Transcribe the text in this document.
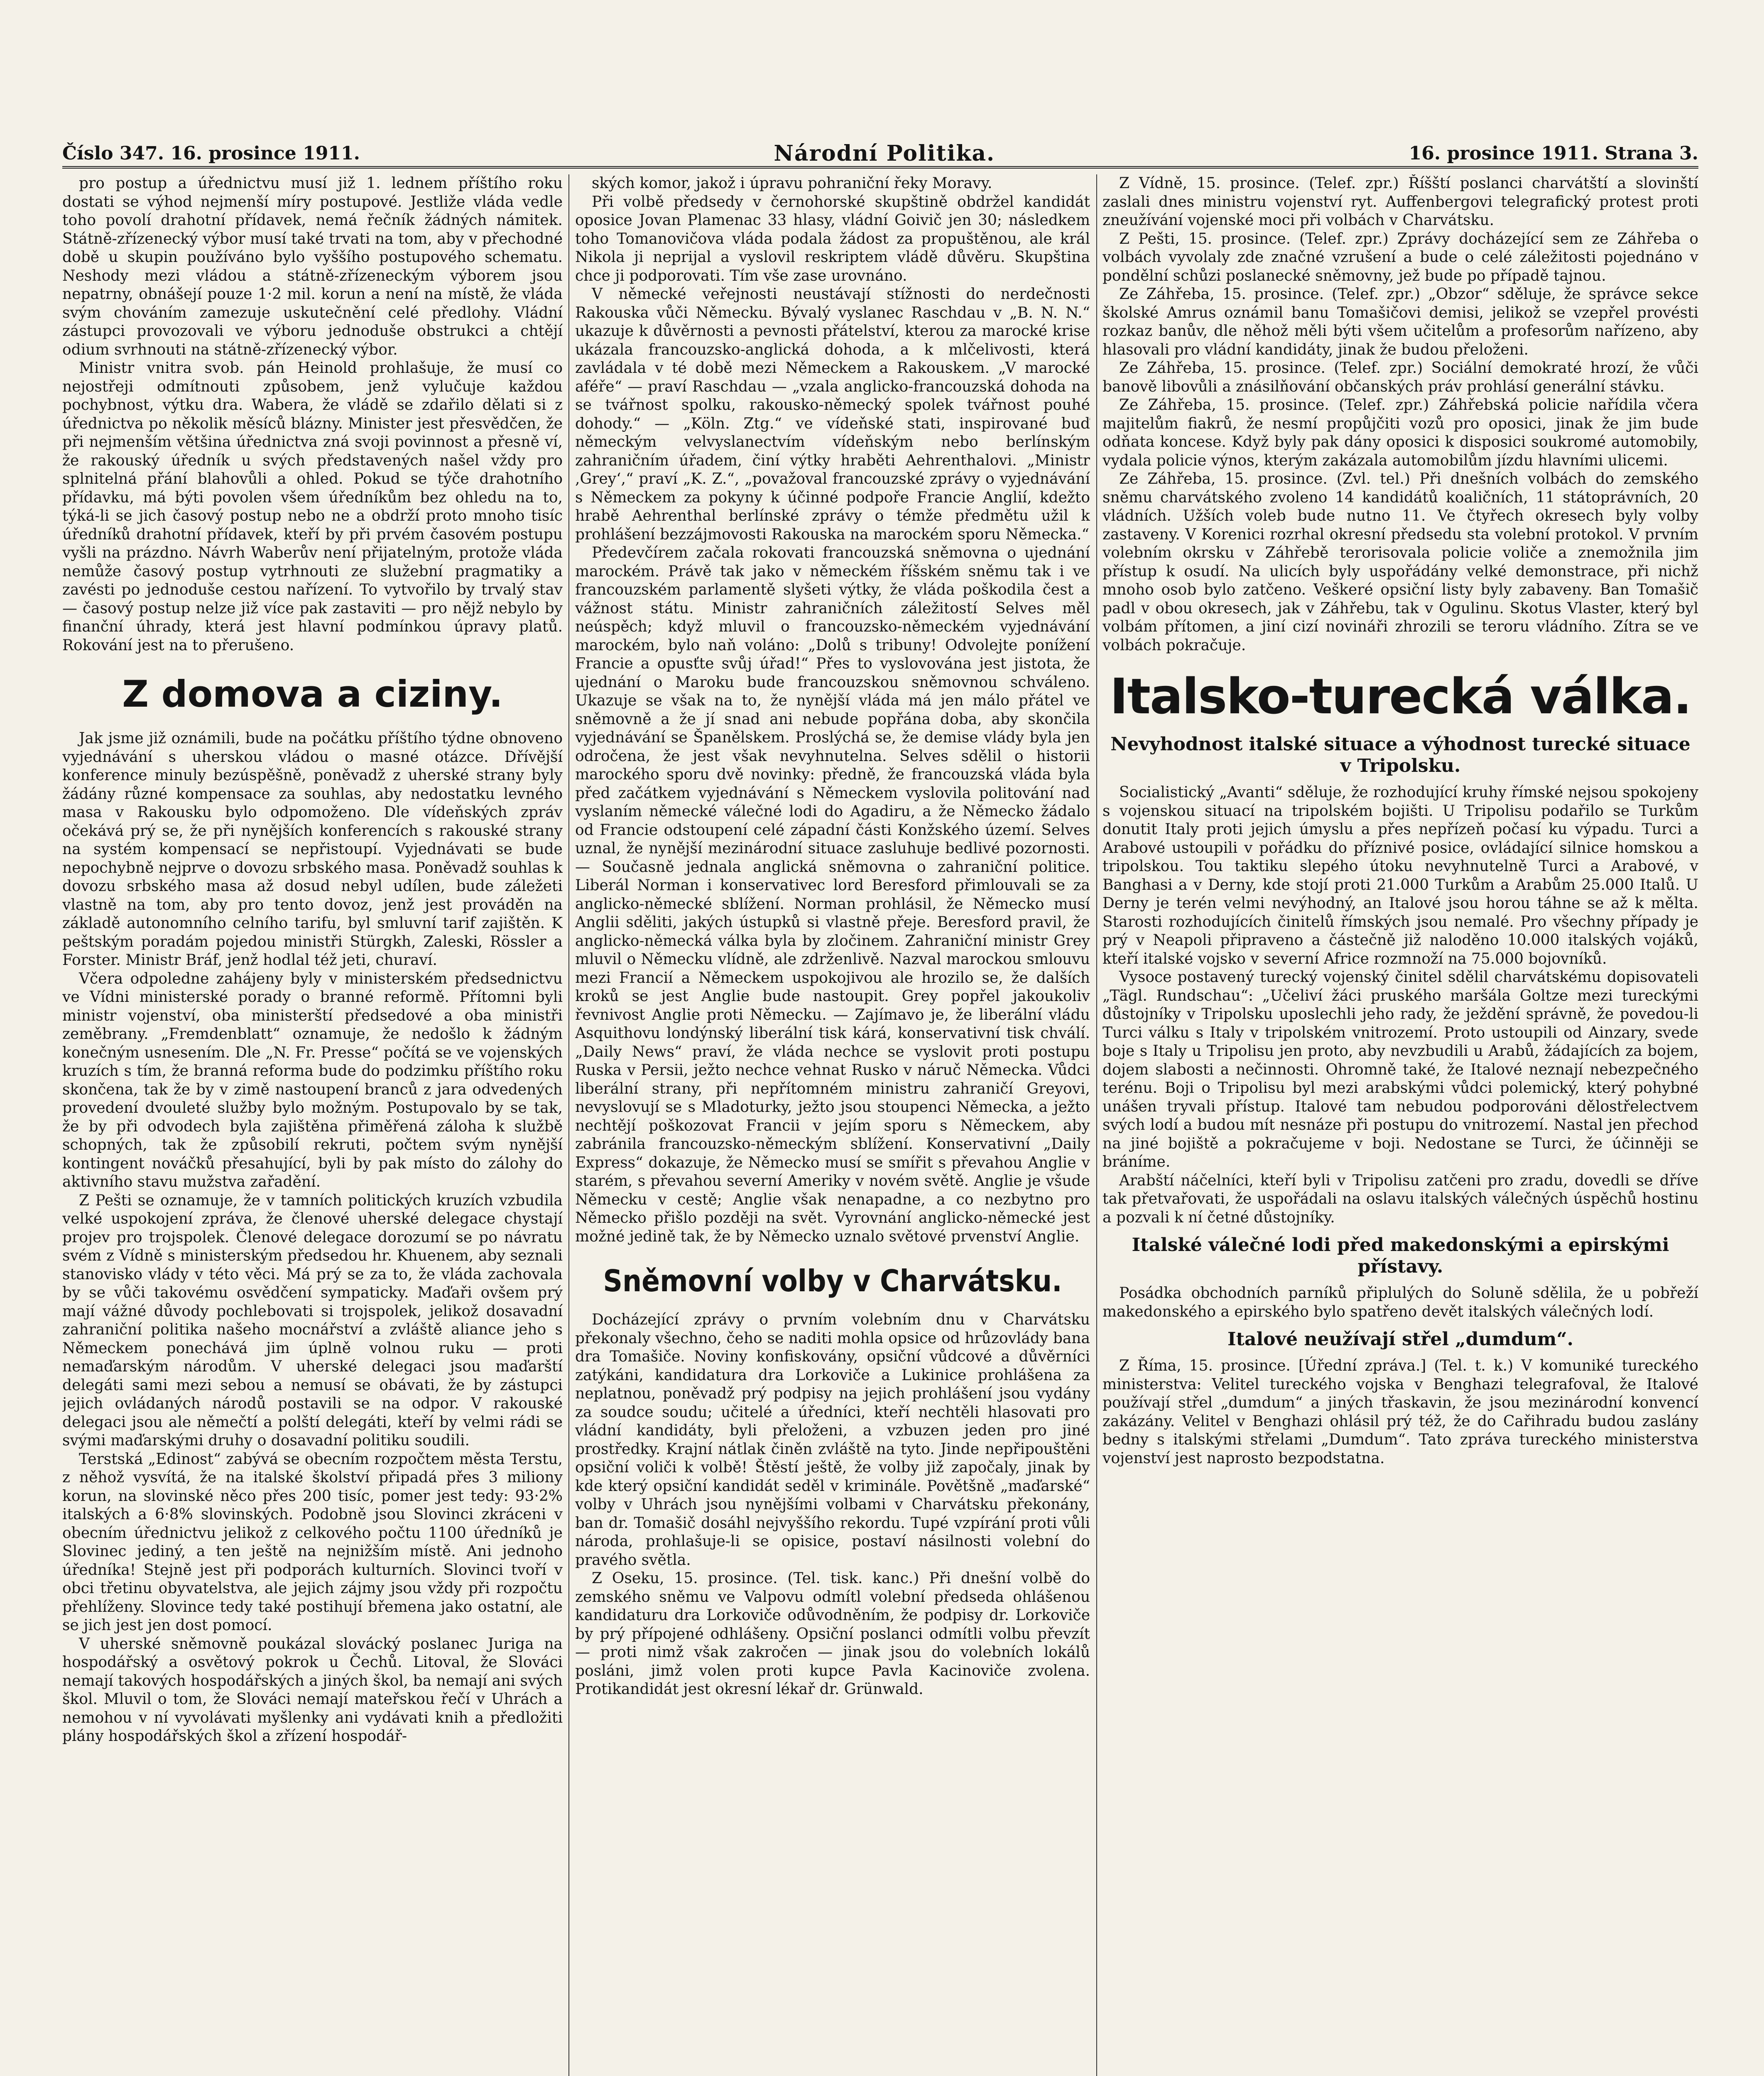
Číslo 347. 16. prosince 1911.	Národní Politika.	16. prosince 1911. Strana 3.

pro postup a úřednictvu musí již 1. lednem příštího roku dostati se výhod nejmenší míry postupové. Jestliže vláda vedle toho povolí drahotní přídavek, nemá řečník žádných námitek. Státně-zřízenecký výbor musí také trvati na tom, aby v přechodné době u skupin používáno bylo vyššího postupového schematu. Neshody mezi vládou a státně-zřízeneckým výborem jsou nepatrny, obnášejí pouze 1·2 mil. korun a není na místě, že vláda svým chováním zamezuje uskutečnění celé předlohy. Vládní zástupci provozovali ve výboru jednoduše obstrukci a chtějí odium svrhnouti na státně-zřízenecký výbor.

Ministr vnitra svob. pán Heinold prohlašuje, že musí co nejostřeji odmítnouti způsobem, jenž vylučuje každou pochybnost, výtku dra. Wabera, že vládě se zdařilo dělati si z úřednictva po několik měsíců blázny. Minister jest přesvědčen, že při nejmenším většina úřednictva zná svoji povinnost a přesně ví, že rakouský úředník u svých představených našel vždy pro splnitelná přání blahovůli a ohled. Pokud se týče drahotního přídavku, má býti povolen všem úředníkům bez ohledu na to, týká-li se jich časový postup nebo ne a obdrží proto mnoho tisíc úředníků drahotní přídavek, kteří by při prvém časovém postupu vyšli na prázdno. Návrh Waberův není přijatelným, protože vláda nemůže časový postup vytrhnouti ze služební pragmatiky a zavésti po jednoduše cestou nařízení. To vytvořilo by trvalý stav — časový postup nelze již více pak zastaviti — pro nějž nebylo by finanční úhrady, která jest hlavní podmínkou úpravy platů. Rokování jest na to přerušeno.

Z domova a ciziny.

Jak jsme již oznámili, bude na počátku příštího týdne obnoveno vyjednávání s uherskou vládou o masné otázce. Dřívější konference minuly bezúspěšně, poněvadž z uherské strany byly žádány různé kompensace za souhlas, aby nedostatku levného masa v Rakousku bylo odpomoženo. Dle vídeňských zpráv očekává prý se, že při nynějších konferencích s rakouské strany na systém kompensací se nepřistoupí. Vyjednávati se bude nepochybně nejprve o dovozu srbského masa. Poněvadž souhlas k dovozu srbského masa až dosud nebyl udílen, bude záležeti vlastně na tom, aby pro tento dovoz, jenž jest prováděn na základě autonomního celního tarifu, byl smluvní tarif zajištěn. K peštským poradám pojedou ministři Stürgkh, Zaleski, Rössler a Forster. Ministr Bráf, jenž hodlal též jeti, churaví.

Včera odpoledne zahájeny byly v ministerském předsednictvu ve Vídni ministerské porady o branné reformě. Přítomni byli ministr vojenství, oba ministerští předsedové a oba ministři zeměbrany. „Fremdenblatt“ oznamuje, že nedošlo k žádným konečným usnesením. Dle „N. Fr. Presse“ počítá se ve vojenských kruzích s tím, že branná reforma bude do podzimku příštího roku skončena, tak že by v zimě nastoupení branců z jara odvedených provedení dvouleté služby bylo možným. Postupovalo by se tak, že by při odvodech byla zajištěna přiměřená záloha k službě schopných, tak že způsobilí rekruti, počtem svým nynější kontingent nováčků přesahující, byli by pak místo do zálohy do aktivního stavu mužstva zařadění.

Z Pešti se oznamuje, že v tamních politických kruzích vzbudila velké uspokojení zpráva, že členové uherské delegace chystají projev pro trojspolek. Členové delegace dorozumí se po návratu svém z Vídně s ministerským předsedou hr. Khuenem, aby seznali stanovisko vlády v této věci. Má prý se za to, že vláda zachovala by se vůči takovému osvědčení sympaticky. Maďaři ovšem prý mají vážné důvody pochlebovati si trojspolek, jelikož dosavadní zahraniční politika našeho mocnářství a zvláště aliance jeho s Německem ponechává jim úplně volnou ruku — proti nemaďarským národům. V uherské delegaci jsou maďarští delegáti sami mezi sebou a nemusí se obávati, že by zástupci jejich ovládaných národů postavili se na odpor. V rakouské delegaci jsou ale němečtí a polští delegáti, kteří by velmi rádi se svými maďarskými druhy o dosavadní politiku soudili.

Terstská „Edinost“ zabývá se obecním rozpočtem města Terstu, z něhož vysvítá, že na italské školství připadá přes 3 miliony korun, na slovinské něco přes 200 tisíc, pomer jest tedy: 93·2% italských a 6·8% slovinských. Podobně jsou Slovinci zkráceni v obecním úřednictvu jelikož z celkového počtu 1100 úředníků je Slovinec jediný, a ten ještě na nejnižším místě. Ani jednoho úředníka! Stejně jest při podporách kulturních. Slovinci tvoří v obci třetinu obyvatelstva, ale jejich zájmy jsou vždy při rozpočtu přehlíženy. Slovince tedy také postihují břemena jako ostatní, ale se jich jest jen dost pomocí.

V uherské sněmovně poukázal slovácký poslanec Juriga na hospodářský a osvětový pokrok u Čechů. Litoval, že Slováci nemají takových hospodářských a jiných škol, ba nemají ani svých škol. Mluvil o tom, že Slováci nemají mateřskou řečí v Uhrách a nemohou v ní vyvolávati myšlenky ani vydávati knih a předložiti plány hospodářských škol a zřízení hospodář-

ských komor, jakož i úpravu pohraniční řeky Moravy.

Při volbě předsedy v černohorské skupštině obdržel kandidát oposice Jovan Plamenac 33 hlasy, vládní Goivič jen 30; následkem toho Tomanovičova vláda podala žádost za propuštěnou, ale král Nikola ji neprijal a vyslovil reskriptem vládě důvěru. Skupština chce ji podporovati. Tím vše zase urovnáno.

V německé veřejnosti neustávají stížnosti do nerdečnosti Rakouska vůči Německu. Bývalý vyslanec Raschdau v „B. N. N.“ ukazuje k důvěrnosti a pevnosti přátelství, kterou za marocké krise ukázala francouzsko-anglická dohoda, a k mlčelivosti, která zavládala v té době mezi Německem a Rakouskem. „V marocké aféře“ — praví Raschdau — „vzala anglicko-francouzská dohoda na se tvářnost spolku, rakousko-německý spolek tvářnost pouhé dohody.“ — „Köln. Ztg.“ ve vídeňské stati, inspirované buď německým velvyslanectvím vídeňským nebo berlínským zahraničním úřadem, činí výtky hraběti Aehrenthalovi. „Ministr ,Grey‘,“ praví „K. Z.“, „považoval francouzské zprávy o vyjednávání s Německem za pokyny k účinné podpoře Francie Anglií, kdežto hrabě Aehrenthal berlínské zprávy o témže předmětu užil k prohlášení bezzájmovosti Rakouska na marockém sporu Německa.“

Předevčírem začala rokovati francouzská sněmovna o ujednání marockém. Právě tak jako v německém říšském sněmu tak i ve francouzském parlamentě slyšeti výtky, že vláda poškodila čest a vážnost státu. Ministr zahraničních záležitostí Selves měl neúspěch; když mluvil o francouzsko-německém vyjednávání marockém, bylo naň voláno: „Dolů s tribuny! Odvolejte ponížení Francie a opusťte svůj úřad!“ Přes to vyslovována jest jistota, že ujednání o Maroku bude francouzskou sněmovnou schváleno. Ukazuje se však na to, že nynější vláda má jen málo přátel ve sněmovně a že jí snad ani nebude popřána doba, aby skončila vyjednávání se Španělskem. Proslýchá se, že demise vlády byla jen odročena, že jest však nevyhnutelna. Selves sdělil o historii marockého sporu dvě novinky: předně, že francouzská vláda byla před začátkem vyjednávání s Německem vyslovila politování nad vyslaním německé válečné lodi do Agadiru, a že Německo žádalo od Francie odstoupení celé západní části Konžského území. Selves uznal, že nynější mezinárodní situace zasluhuje bedlivé pozornosti. — Současně jednala anglická sněmovna o zahraniční politice. Liberál Norman i konservativec lord Beresford přimlouvali se za anglicko-německé sblížení. Norman prohlásil, že Německo musí Anglii sděliti, jakých ústupků si vlastně přeje. Beresford pravil, že anglicko-německá válka byla by zločinem. Zahraniční ministr Grey mluvil o Německu vlídně, ale zdrženlivě. Nazval marockou smlouvu mezi Francií a Německem uspokojivou ale hrozilo se, že dalších kroků se jest Anglie bude nastoupit. Grey popřel jakoukoliv řevnivost Anglie proti Německu. — Zajímavo je, že liberální vládu Asquithovu londýnský liberální tisk kárá, konservativní tisk chválí. „Daily News“ praví, že vláda nechce se vyslovit proti postupu Ruska v Persii, ježto nechce vehnat Rusko v náruč Německa. Vůdci liberální strany, při nepřítomném ministru zahraničí Greyovi, nevyslovují se s Mladoturky, ježto jsou stoupenci Německa, a ježto nechtějí poškozovat Francii v jejím sporu s Německem, aby zabránila francouzsko-německým sblížení. Konservativní „Daily Express“ dokazuje, že Německo musí se smířit s převahou Anglie v starém, s převahou severní Ameriky v novém světě. Anglie je všude Německu v cestě; Anglie však nenapadne, a co nezbytno pro Německo přišlo později na svět. Vyrovnání anglicko-německé jest možné jedině tak, že by Německo uznalo světové prvenství Anglie.

Sněmovní volby v Charvátsku.

Docházející zprávy o prvním volebním dnu v Charvátsku překonaly všechno, čeho se naditi mohla opsice od hrůzovlády bana dra Tomašiče. Noviny konfiskovány, opsiční vůdcové a důvěrníci zatýkáni, kandidatura dra Lorkoviče a Lukinice prohlášena za neplatnou, poněvadž prý podpisy na jejich prohlášení jsou vydány za soudce soudu; učitelé a úředníci, kteří nechtěli hlasovati pro vládní kandidáty, byli přeloženi, a vzbuzen jeden pro jiné prostředky. Krajní nátlak činěn zvláště na tyto. Jinde nepřipouštěni opsiční voliči k volbě! Štěstí ještě, že volby již započaly, jinak by kde který opsiční kandidát seděl v kriminále. Povětšně „maďarské“ volby v Uhrách jsou nynějšími volbami v Charvátsku překonány, ban dr. Tomašič dosáhl nejvyššího rekordu. Tupé vzpírání proti vůli národa, prohlašuje-li se opisice, postaví násilnosti volební do pravého světla.

Z Oseku, 15. prosince. (Tel. tisk. kanc.) Při dnešní volbě do zemského sněmu ve Valpovu odmítl volební předseda ohlášenou kandidaturu dra Lorkoviče odůvodněním, že podpisy dr. Lorkoviče by prý přípojené odhlášeny. Opsiční poslanci odmítli volbu převzít — proti nimž však zakročen — jinak jsou do volebních lokálů posláni, jimž volen proti kupce Pavla Kacinoviče zvolena. Protikandidát jest okresní lékař dr. Grünwald.

Z Vídně, 15. prosince. (Telef. zpr.) Říšští poslanci charvátští a slovinští zaslali dnes ministru vojenství ryt. Auffenbergovi telegrafický protest proti zneužívání vojenské moci při volbách v Charvátsku.

Z Pešti, 15. prosince. (Telef. zpr.) Zprávy docházející sem ze Záhřeba o volbách vyvolaly zde značné vzrušení a bude o celé záležitosti pojednáno v pondělní schůzi poslanecké sněmovny, jež bude po případě tajnou.

Ze Záhřeba, 15. prosince. (Telef. zpr.) „Obzor“ sděluje, že správce sekce školské Amrus oznámil banu Tomašičovi demisi, jelikož se vzepřel provésti rozkaz banův, dle něhož měli býti všem učitelům a profesorům nařízeno, aby hlasovali pro vládní kandidáty, jinak že budou přeloženi.

Ze Záhřeba, 15. prosince. (Telef. zpr.) Sociální demokraté hrozí, že vůči banově libovůli a znásilňování občanských práv prohlásí generální stávku.

Ze Záhřeba, 15. prosince. (Telef. zpr.) Záhřebská policie nařídila včera majitelům fiakrů, že nesmí propůjčiti vozů pro oposici, jinak že jim bude odňata koncese. Když byly pak dány oposici k disposici soukromé automobily, vydala policie výnos, kterým zakázala automobilům jízdu hlavními ulicemi.

Ze Záhřeba, 15. prosince. (Zvl. tel.) Při dnešních volbách do zemského sněmu charvátského zvoleno 14 kandidátů koaličních, 11 státoprávních, 20 vládních. Užších voleb bude nutno 11. Ve čtyřech okresech byly volby zastaveny. V Korenici rozrhal okresní předsedu sta volební protokol. V prvním volebním okrsku v Záhřebě terorisovala policie voliče a znemožnila jim přístup k osudí. Na ulicích byly uspořádány velké demonstrace, při nichž mnoho osob bylo zatčeno. Veškeré opsiční listy byly zabaveny. Ban Tomašič padl v obou okresech, jak v Záhřebu, tak v Ogulinu. Skotus Vlaster, který byl volbám přítomen, a jiní cizí novináři zhrozili se teroru vládního. Zítra se ve volbách pokračuje.

Italsko-turecká válka.
Nevyhodnost italské situace a výhodnost turecké situace v Tripolsku.

Socialistický „Avanti“ sděluje, že rozhodující kruhy římské nejsou spokojeny s vojenskou situací na tripolském bojišti. U Tripolisu podařilo se Turkům donutit Italy proti jejich úmyslu a přes nepřízeň počasí ku výpadu. Turci a Arabové ustoupili v pořádku do příznivé posice, ovládající silnice homskou a tripolskou. Tou taktiku slepého útoku nevyhnutelně Turci a Arabové, v Banghasi a v Derny, kde stojí proti 21.000 Turkům a Arabům 25.000 Italů. U Derny je terén velmi nevýhodný, an Italové jsou horou táhne se až k mělta. Starosti rozhodujících činitelů římských jsou nemalé. Pro všechny případy je prý v Neapoli připraveno a částečně již naloděno 10.000 italských vojáků, kteří italské vojsko v severní Africe rozmnoží na 75.000 bojovníků.

Vysoce postavený turecký vojenský činitel sdělil charvátskému dopisovateli „Tägl. Rundschau“: „Učeliví žáci pruského maršála Goltze mezi tureckými důstojníky v Tripolsku uposlechli jeho rady, že ježdění správně, že povedou-li Turci válku s Italy v tripolském vnitrozemí. Proto ustoupili od Ainzary, svede boje s Italy u Tripolisu jen proto, aby nevzbudili u Arabů, žádajících za bojem, dojem slabosti a nečinnosti. Ohromně také, že Italové neznají nebezpečného terénu. Boji o Tripolisu byl mezi arabskými vůdci polemický, který pohybné unášen tryvali přístup. Italové tam nebudou podporováni dělostřelectvem svých lodí a budou mít nesnáze při postupu do vnitrozemí. Nastal jen přechod na jiné bojiště a pokračujeme v boji. Nedostane se Turci, že účinněji se bráníme.

Arabští náčelníci, kteří byli v Tripolisu zatčeni pro zradu, dovedli se dříve tak přetvařovati, že uspořádali na oslavu italských válečných úspěchů hostinu a pozvali k ní četné důstojníky.

Italské válečné lodi před makedonskými a epirskými přístavy.

Posádka obchodních parníků připlulých do Soluně sdělila, že u pobřeží makedonského a epirského bylo spatřeno devět italských válečných lodí.

Italové neužívají střel „dumdum“.

Z Říma, 15. prosince. [Úřední zpráva.] (Tel. t. k.) V komuniké tureckého ministerstva: Velitel tureckého vojska v Benghazi telegrafoval, že Italové používají střel „dumdum“ a jiných třaskavin, že jsou mezinárodní konvencí zakázány. Velitel v Benghazi ohlásil prý též, že do Cařihradu budou zaslány bedny s italskými střelami „Dumdum“. Tato zpráva tureckého ministerstva vojenství jest naprosto bezpodstatna.
